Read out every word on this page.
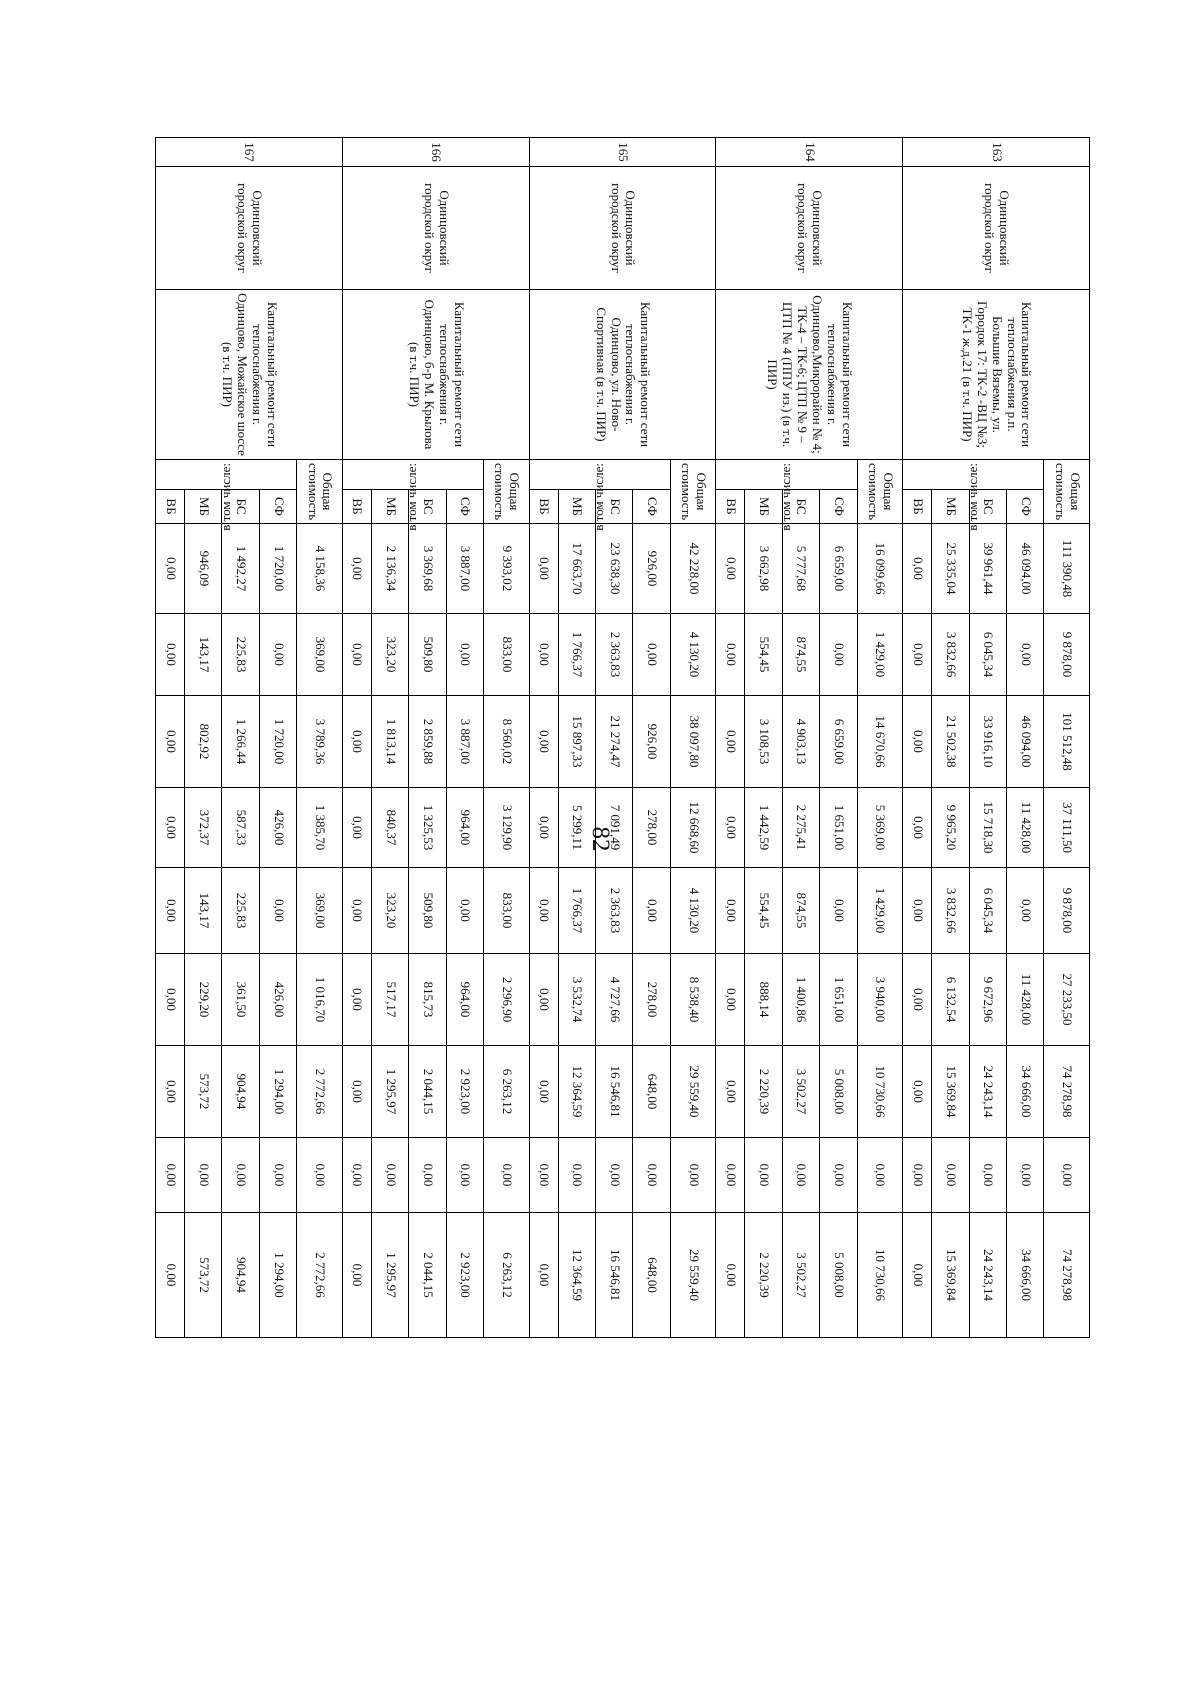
82
163	Одинцовский городской округ	Капитальный ремонт сети теплоснабжения р.п. Большие Вяземы, ул. Городок 17: ТК-2 -ВЦ №3; ТК-1 ж.д.21 (в т.ч. ПИР)	Общая стоимость		111 390,48	9 878,00	101 512,48	37 111,50	9 878,00	27 233,50	74 278,98	0,00	74 278,98
			в том числе:	СФ	46 094,00	0,00	46 094,00	11 428,00	0,00	11 428,00	34 666,00	0,00	34 666,00
				БС	39 961,44	6 045,34	33 916,10	15 718,30	6 045,34	9 672,96	24 243,14	0,00	24 243,14
				МБ	25 335,04	3 832,66	21 502,38	9 965,20	3 832,66	6 132,54	15 369,84	0,00	15 369,84
				ВБ	0,00	0,00	0,00	0,00	0,00	0,00	0,00	0,00	0,00
164	Одинцовский городской округ	Капитальный ремонт сети теплоснабжения г. Одинцово,Микрорайон № 4; ТК-4 – ТК-6; ЦТП № 9 – ЦТП № 4 (ППУ из.) (в т.ч. ПИР)	Общая стоимость		16 099,66	1 429,00	14 670,66	5 369,00	1 429,00	3 940,00	10 730,66	0,00	10 730,66
			в том числе:	СФ	6 659,00	0,00	6 659,00	1 651,00	0,00	1 651,00	5 008,00	0,00	5 008,00
				БС	5 777,68	874,55	4 903,13	2 275,41	874,55	1 400,86	3 502,27	0,00	3 502,27
				МБ	3 662,98	554,45	3 108,53	1 442,59	554,45	888,14	2 220,39	0,00	2 220,39
				ВБ	0,00	0,00	0,00	0,00	0,00	0,00	0,00	0,00	0,00
165	Одинцовский городской округ	Капитальный ремонт сети теплоснабжения г. Одинцово, ул. Ново-Спортивная (в т.ч. ПИР)	Общая стоимость		42 228,00	4 130,20	38 097,80	12 668,60	4 130,20	8 538,40	29 559,40	0,00	29 559,40
			в том числе:	СФ	926,00	0,00	926,00	278,00	0,00	278,00	648,00	0,00	648,00
				БС	23 638,30	2 363,83	21 274,47	7 091,49	2 363,83	4 727,66	16 546,81	0,00	16 546,81
				МБ	17 663,70	1 766,37	15 897,33	5 299,11	1 766,37	3 532,74	12 364,59	0,00	12 364,59
				ВБ	0,00	0,00	0,00	0,00	0,00	0,00	0,00	0,00	0,00
166	Одинцовский городской округ	Капитальный ремонт сети теплоснабжения г. Одинцово, б-р М. Крылова (в т.ч. ПИР)	Общая стоимость		9 393,02	833,00	8 560,02	3 129,90	833,00	2 296,90	6 263,12	0,00	6 263,12
			в том числе:	СФ	3 887,00	0,00	3 887,00	964,00	0,00	964,00	2 923,00	0,00	2 923,00
				БС	3 369,68	509,80	2 859,88	1 325,53	509,80	815,73	2 044,15	0,00	2 044,15
				МБ	2 136,34	323,20	1 813,14	840,37	323,20	517,17	1 295,97	0,00	1 295,97
				ВБ	0,00	0,00	0,00	0,00	0,00	0,00	0,00	0,00	0,00
167	Одинцовский городской округ	Капитальный ремонт сети теплоснабжения г. Одинцово, Можайское шоссе (в т.ч. ПИР)	Общая стоимость		4 158,36	369,00	3 789,36	1 385,70	369,00	1 016,70	2 772,66	0,00	2 772,66
			в том числе:	СФ	1 720,00	0,00	1 720,00	426,00	0,00	426,00	1 294,00	0,00	1 294,00
				БС	1 492,27	225,83	1 266,44	587,33	225,83	361,50	904,94	0,00	904,94
				МБ	946,09	143,17	802,92	372,37	143,17	229,20	573,72	0,00	573,72
				ВБ	0,00	0,00	0,00	0,00	0,00	0,00	0,00	0,00	0,00
